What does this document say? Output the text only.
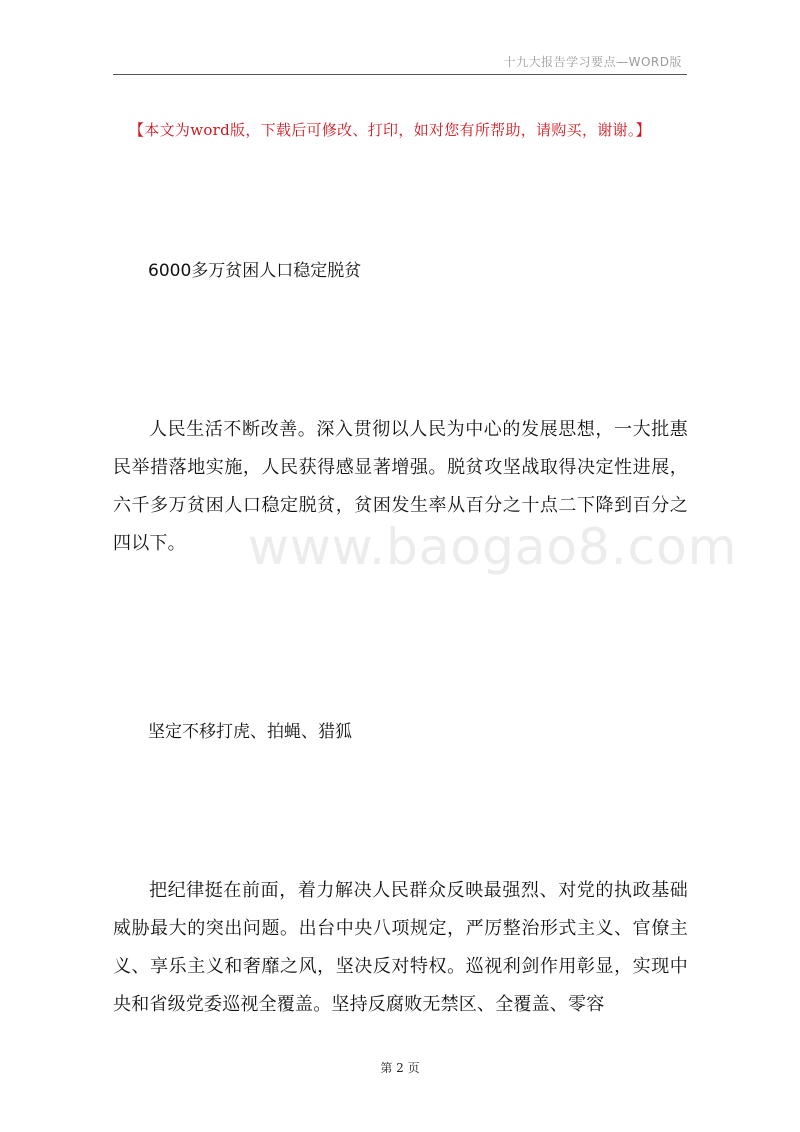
十九大报告学习要点—WORD版
【本文为word版，下载后可修改、打印，如对您有所帮助，请购买，谢谢。】
6000多万贫困人口稳定脱贫

人民生活不断改善。深入贯彻以人民为中心的发展思想，一大批惠民举措落地实施，人民获得感显著增强。脱贫攻坚战取得决定性进展，六千多万贫困人口稳定脱贫，贫困发生率从百分之十点二下降到百分之四以下。	www.baogao8.com
坚定不移打虎、拍蝇、猎狐

把纪律挺在前面，着力解决人民群众反映最强烈、对党的执政基础威胁最大的突出问题。出台中央八项规定，严厉整治形式主义、官僚主义、享乐主义和奢靡之风，坚决反对特权。巡视利剑作用彰显，实现中央和省级党委巡视全覆盖。坚持反腐败无禁区、全覆盖、零容

第 2 页
